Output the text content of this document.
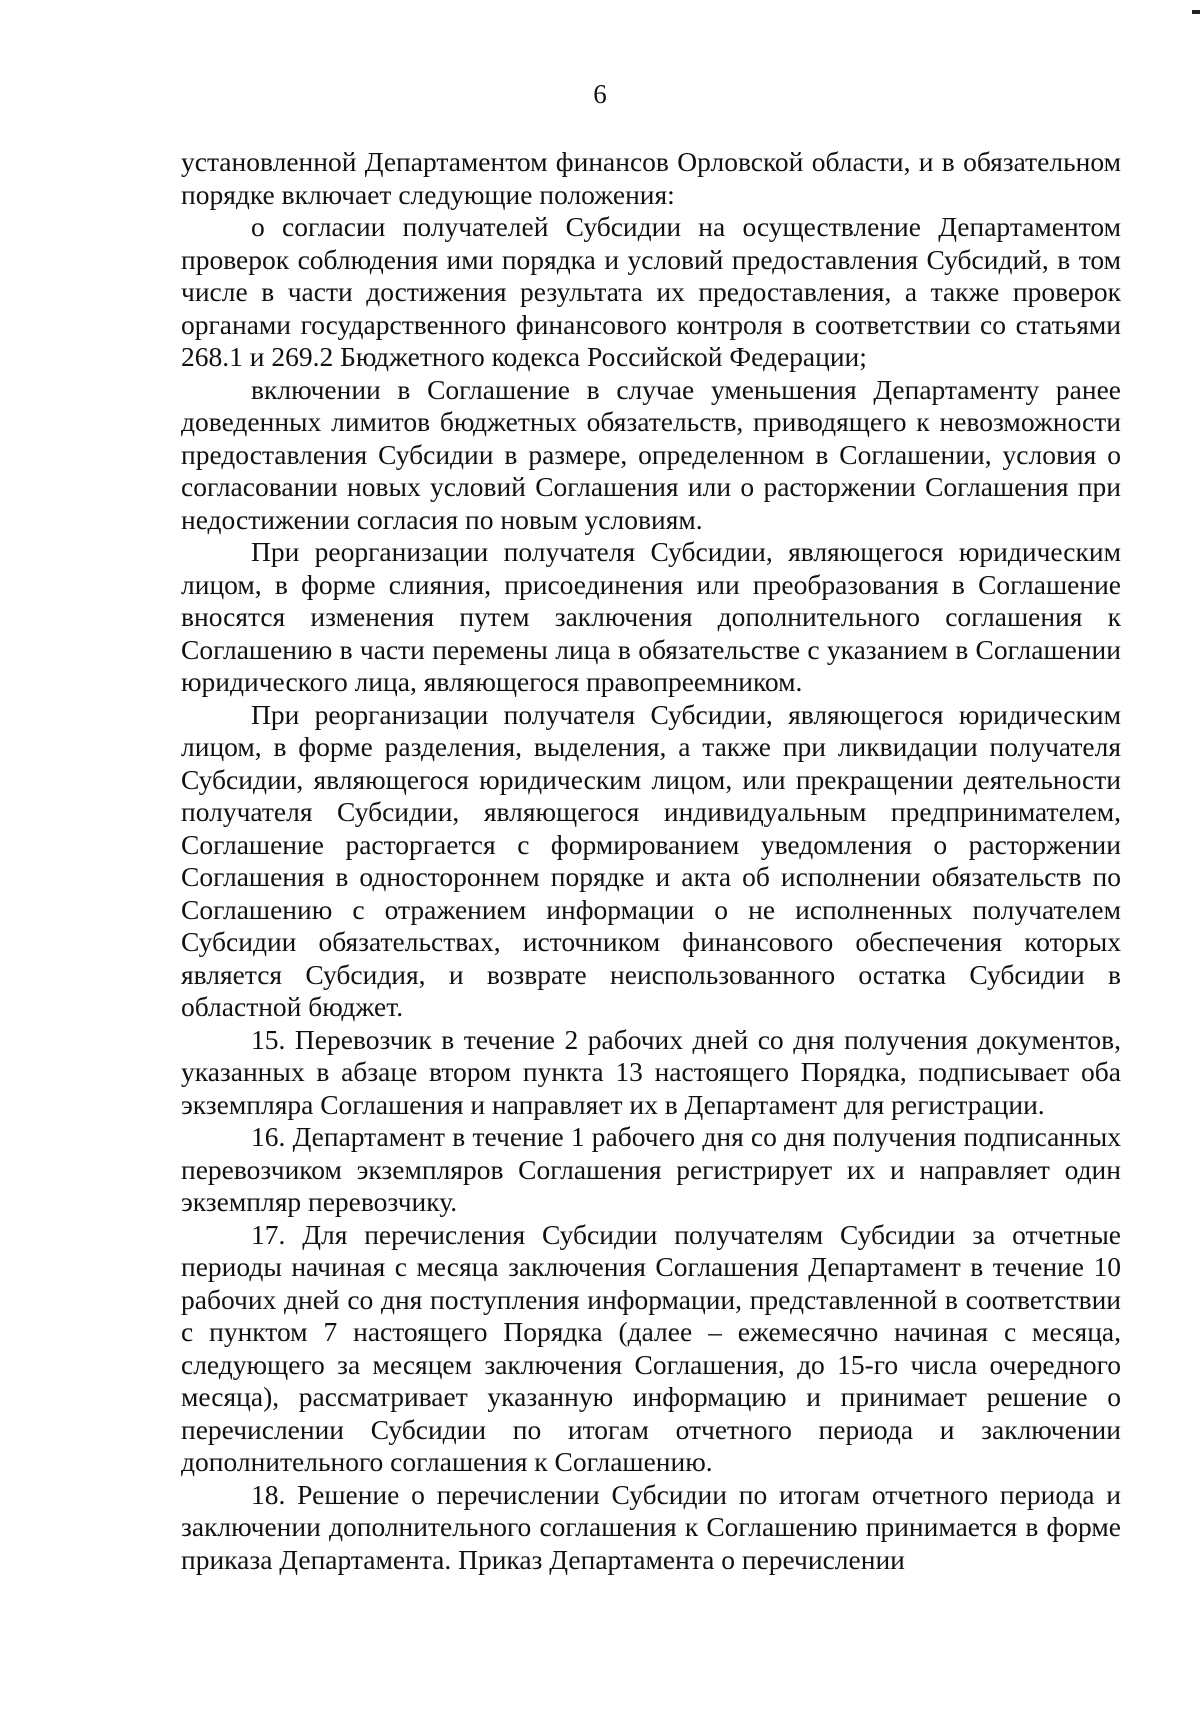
6

установленной Департаментом финансов Орловской области, и в обязательном порядке включает следующие положения:

о согласии получателей Субсидии на осуществление Департаментом проверок соблюдения ими порядка и условий предоставления Субсидий, в том числе в части достижения результата их предоставления, а также проверок органами государственного финансового контроля в соответствии со статьями 268.1 и 269.2 Бюджетного кодекса Российской Федерации;

включении в Соглашение в случае уменьшения Департаменту ранее доведенных лимитов бюджетных обязательств, приводящего к невозможности предоставления Субсидии в размере, определенном в Соглашении, условия о согласовании новых условий Соглашения или о расторжении Соглашения при недостижении согласия по новым условиям.

При реорганизации получателя Субсидии, являющегося юридическим лицом, в форме слияния, присоединения или преобразования в Соглашение вносятся изменения путем заключения дополнительного соглашения к Соглашению в части перемены лица в обязательстве с указанием в Соглашении юридического лица, являющегося правопреемником.

При реорганизации получателя Субсидии, являющегося юридическим лицом, в форме разделения, выделения, а также при ликвидации получателя Субсидии, являющегося юридическим лицом, или прекращении деятельности получателя Субсидии, являющегося индивидуальным предпринимателем, Соглашение расторгается с формированием уведомления о расторжении Соглашения в одностороннем порядке и акта об исполнении обязательств по Соглашению с отражением информации о не исполненных получателем Субсидии обязательствах, источником финансового обеспечения которых является Субсидия, и возврате неиспользованного остатка Субсидии в областной бюджет.

15. Перевозчик в течение 2 рабочих дней со дня получения документов, указанных в абзаце втором пункта 13 настоящего Порядка, подписывает оба экземпляра Соглашения и направляет их в Департамент для регистрации.

16. Департамент в течение 1 рабочего дня со дня получения подписанных перевозчиком экземпляров Соглашения регистрирует их и направляет один экземпляр перевозчику.

17. Для перечисления Субсидии получателям Субсидии за отчетные периоды начиная с месяца заключения Соглашения Департамент в течение 10 рабочих дней со дня поступления информации, представленной в соответствии с пунктом 7 настоящего Порядка (далее – ежемесячно начиная с месяца, следующего за месяцем заключения Соглашения, до 15-го числа очередного месяца), рассматривает указанную информацию и принимает решение о перечислении Субсидии по итогам отчетного периода и заключении дополнительного соглашения к Соглашению.

18. Решение о перечислении Субсидии по итогам отчетного периода и заключении дополнительного соглашения к Соглашению принимается в форме приказа Департамента. Приказ Департамента о перечислении
